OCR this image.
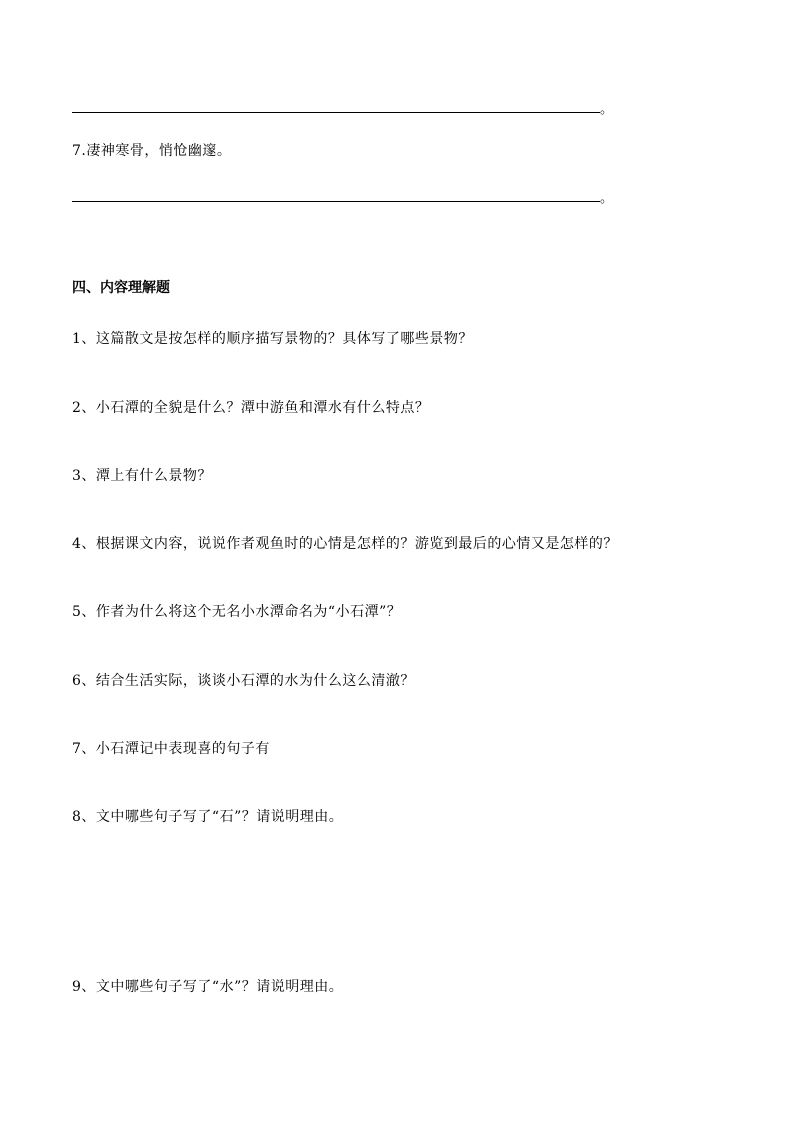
。
7.凄神寒骨，悄怆幽邃。
。
四、内容理解题
1、这篇散文是按怎样的顺序描写景物的？具体写了哪些景物？
2、小石潭的全貌是什么？潭中游鱼和潭水有什么特点？
3、潭上有什么景物？
4、根据课文内容，说说作者观鱼时的心情是怎样的？游览到最后的心情又是怎样的？
5、作者为什么将这个无名小水潭命名为“小石潭”？
6、结合生活实际，谈谈小石潭的水为什么这么清澈？
7、小石潭记中表现喜的句子有
8、文中哪些句子写了“石”？请说明理由。
9、文中哪些句子写了“水”？请说明理由。
